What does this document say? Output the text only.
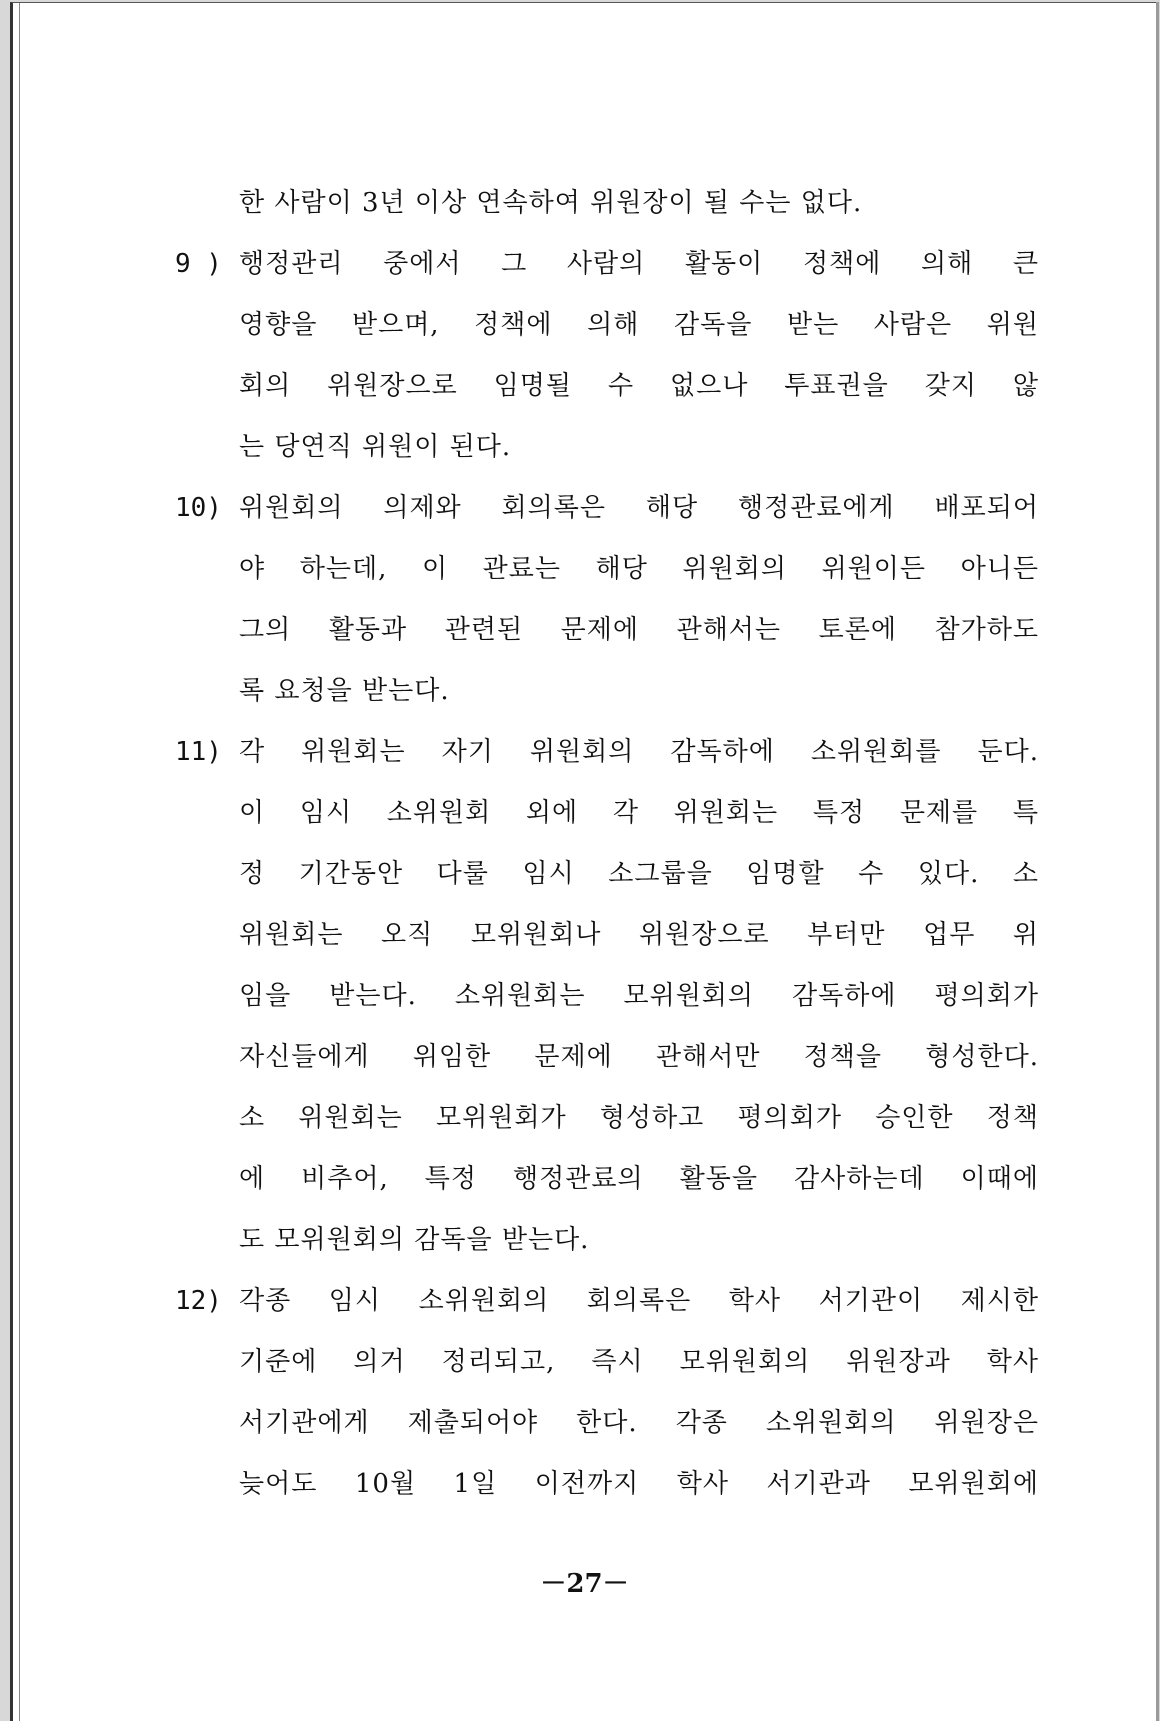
한 사람이 3년 이상 연속하여 위원장이 될 수는 없다.
9 ) 행정관리 중에서 그 사람의 활동이 정책에 의해 큰
영향을 받으며, 정책에 의해 감독을 받는 사람은 위원
회의 위원장으로 임명될 수 없으나 투표권을 갖지 않
는 당연직 위원이 된다.
10) 위원회의 의제와 회의록은 해당 행정관료에게 배포되어
야 하는데, 이 관료는 해당 위원회의 위원이든 아니든
그의 활동과 관련된 문제에 관해서는 토론에 참가하도
록 요청을 받는다.
11) 각 위원회는 자기 위원회의 감독하에 소위원회를 둔다.
이 임시 소위원회 외에 각 위원회는 특정 문제를 특
정 기간동안 다룰 임시 소그룹을 임명할 수 있다. 소
위원회는 오직 모위원회나 위원장으로 부터만 업무 위
임을 받는다. 소위원회는 모위원회의 감독하에 평의회가
자신들에게 위임한 문제에 관해서만 정책을 형성한다.
소 위원회는 모위원회가 형성하고 평의회가 승인한 정책
에 비추어, 특정 행정관료의 활동을 감사하는데 이때에
도 모위원회의 감독을 받는다.
12) 각종 임시 소위원회의 회의록은 학사 서기관이 제시한
기준에 의거 정리되고, 즉시 모위원회의 위원장과 학사
서기관에게 제출되어야 한다. 각종 소위원회의 위원장은
늦어도 10월 1일 이전까지 학사 서기관과 모위원회에
－27－
